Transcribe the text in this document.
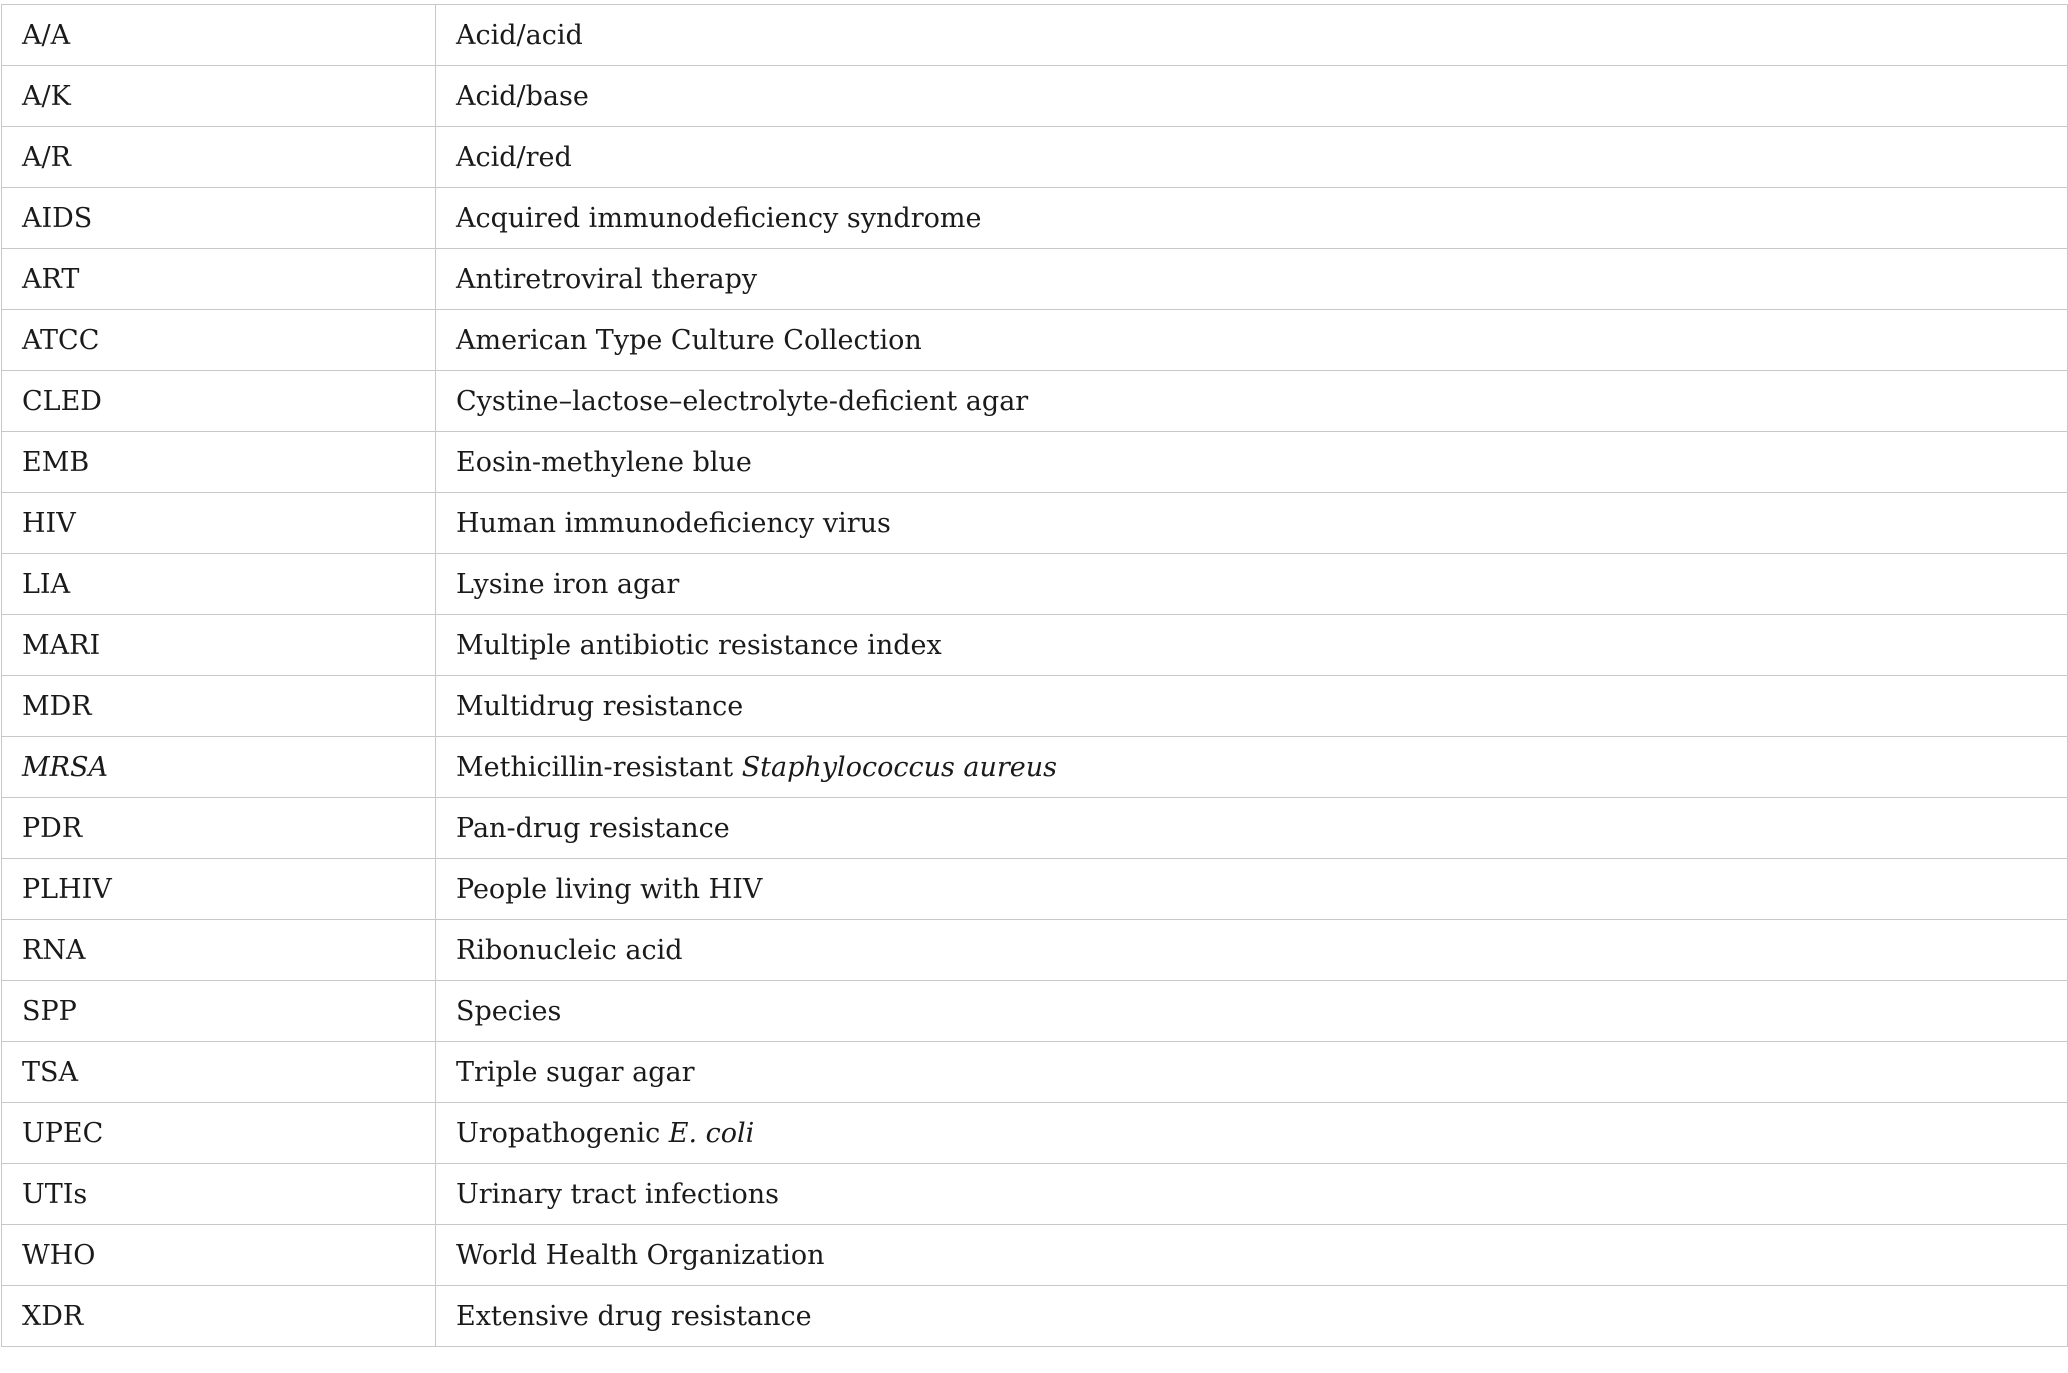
A/A	Acid/acid
A/K	Acid/base
A/R	Acid/red
AIDS	Acquired immunodeficiency syndrome
ART	Antiretroviral therapy
ATCC	American Type Culture Collection
CLED	Cystine–lactose–electrolyte-deficient agar
EMB	Eosin-methylene blue
HIV	Human immunodeficiency virus
LIA	Lysine iron agar
MARI	Multiple antibiotic resistance index
MDR	Multidrug resistance
MRSA	Methicillin-resistant Staphylococcus aureus
PDR	Pan-drug resistance
PLHIV	People living with HIV
RNA	Ribonucleic acid
SPP	Species
TSA	Triple sugar agar
UPEC	Uropathogenic E. coli
UTIs	Urinary tract infections
WHO	World Health Organization
XDR	Extensive drug resistance
